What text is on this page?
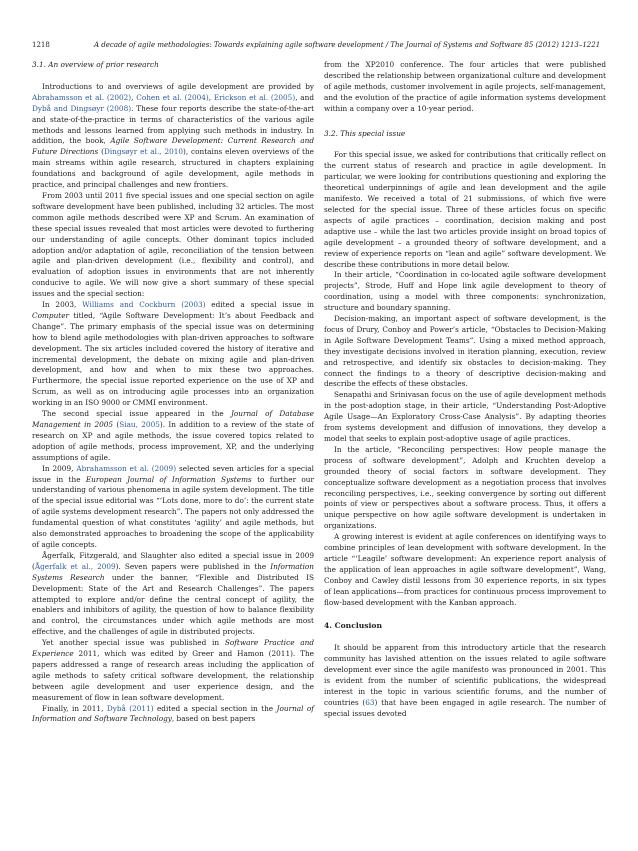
1218	A decade of agile methodologies: Towards explaining agile software development / The Journal of Systems and Software 85 (2012) 1213–1221
3.1. An overview of prior research

Introductions to and overviews of agile development are provided by Abrahamsson et al. (2002), Cohen et al. (2004), Erickson et al. (2005), and Dybå and Dingsøyr (2008). These four reports describe the state-of-the-art and state-of-the-practice in terms of characteristics of the various agile methods and lessons learned from applying such methods in industry. In addition, the book, Agile Software Development: Current Research and Future Directions (Dingsøyr et al., 2010), contains eleven overviews of the main streams within agile research, structured in chapters explaining foundations and background of agile development, agile methods in practice, and principal challenges and new frontiers.

From 2003 until 2011 five special issues and one special section on agile software development have been published, including 32 articles. The most common agile methods described were XP and Scrum. An examination of these special issues revealed that most articles were devoted to furthering our understanding of agile concepts. Other dominant topics included adoption and/or adaptation of agile, reconciliation of the tension between agile and plan-driven development (i.e., flexibility and control), and evaluation of adoption issues in environments that are not inherently conducive to agile. We will now give a short summary of these special issues and the special section:

In 2003, Williams and Cockburn (2003) edited a special issue in Computer titled, “Agile Software Development: It’s about Feedback and Change”. The primary emphasis of the special issue was on determining how to blend agile methodologies with plan-driven approaches to software development. The six articles included covered the history of iterative and incremental development, the debate on mixing agile and plan-driven development, and how and when to mix these two approaches. Furthermore, the special issue reported experience on the use of XP and Scrum, as well as on introducing agile processes into an organization working in an ISO 9000 or CMMI environment.

The second special issue appeared in the Journal of Database Management in 2005 (Siau, 2005). In addition to a review of the state of research on XP and agile methods, the issue covered topics related to adoption of agile methods, process improvement, XP, and the underlying assumptions of agile.

In 2009, Abrahamsson et al. (2009) selected seven articles for a special issue in the European Journal of Information Systems to further our understanding of various phenomena in agile system development. The title of the special issue editorial was “‘Lots done, more to do’: the current state of agile systems development research”. The papers not only addressed the fundamental question of what constitutes ‘agility’ and agile methods, but also demonstrated approaches to broadening the scope of the applicability of agile concepts.

Ågerfalk, Fitzgerald, and Slaughter also edited a special issue in 2009 (Ågerfalk et al., 2009). Seven papers were published in the Information Systems Research under the banner, “Flexible and Distributed IS Development: State of the Art and Research Challenges”. The papers attempted to explore and/or define the central concept of agility, the enablers and inhibitors of agility, the question of how to balance flexibility and control, the circumstances under which agile methods are most effective, and the challenges of agile in distributed projects.

Yet another special issue was published in Software Practice and Experience 2011, which was edited by Greer and Hamon (2011). The papers addressed a range of research areas including the application of agile methods to safety critical software development, the relationship between agile development and user experience design, and the measurement of flow in lean software development.

Finally, in 2011, Dybå (2011) edited a special section in the Journal of Information and Software Technology, based on best papers

from the XP2010 conference. The four articles that were published described the relationship between organizational culture and development of agile methods, customer involvement in agile projects, self-management, and the evolution of the practice of agile information systems development within a company over a 10-year period.

3.2. This special issue

For this special issue, we asked for contributions that critically reflect on the current status of research and practice in agile development. In particular, we were looking for contributions questioning and exploring the theoretical underpinnings of agile and lean development and the agile manifesto. We received a total of 21 submissions, of which five were selected for the special issue. Three of these articles focus on specific aspects of agile practices – coordination, decision making and post adaptive use – while the last two articles provide insight on broad topics of agile development – a grounded theory of software development, and a review of experience reports on “lean and agile” software development. We describe these contributions in more detail below.

In their article, “Coordination in co-located agile software development projects”, Strode, Huff and Hope link agile development to theory of coordination, using a model with three components: synchronization, structure and boundary spanning.

Decision-making, an important aspect of software development, is the focus of Drury, Conboy and Power’s article, “Obstacles to Decision-Making in Agile Software Development Teams”. Using a mixed method approach, they investigate decisions involved in iteration planning, execution, review and retrospective, and identify six obstacles to decision-making. They connect the findings to a theory of descriptive decision-making and describe the effects of these obstacles.

Senapathi and Srinivasan focus on the use of agile development methods in the post-adoption stage, in their article, “Understanding Post-Adoptive Agile Usage—An Exploratory Cross-Case Analysis”. By adapting theories from systems development and diffusion of innovations, they develop a model that seeks to explain post-adoptive usage of agile practices.

In the article, “Reconciling perspectives: How people manage the process of software development”, Adolph and Kruchten develop a grounded theory of social factors in software development. They conceptualize software development as a negotiation process that involves reconciling perspectives, i.e., seeking convergence by sorting out different points of view or perspectives about a software process. Thus, it offers a unique perspective on how agile software development is undertaken in organizations.

A growing interest is evident at agile conferences on identifying ways to combine principles of lean development with software development. In the article “‘Leagile’ software development: An experience report analysis of the application of lean approaches in agile software development”, Wang, Conboy and Cawley distil lessons from 30 experience reports, in six types of lean applications—from practices for continuous process improvement to flow-based development with the Kanban approach.

4. Conclusion

It should be apparent from this introductory article that the research community has lavished attention on the issues related to agile software development ever since the agile manifesto was pronounced in 2001. This is evident from the number of scientific publications, the widespread interest in the topic in various scientific forums, and the number of countries (63) that have been engaged in agile research. The number of special issues devoted
